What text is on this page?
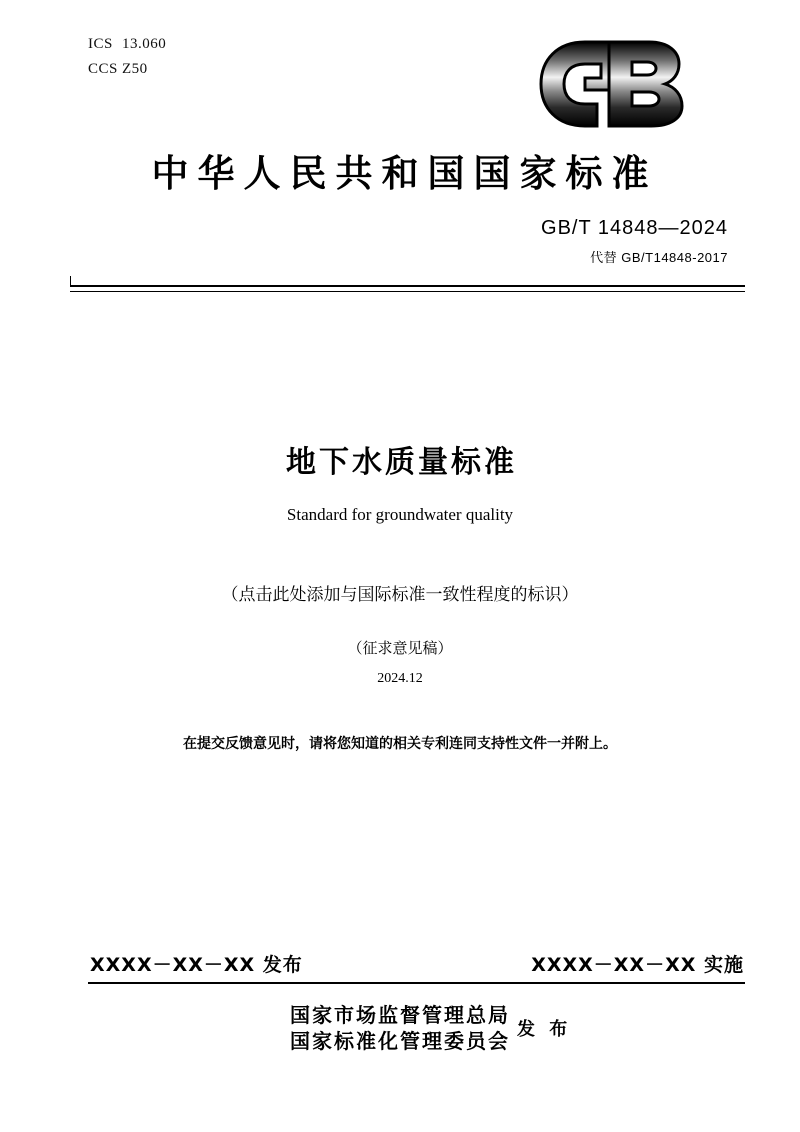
ICS 13.060
CCS Z50
中华人民共和国国家标准
GB/T 14848—2024
代替 GB/T14848-2017
地下水质量标准
Standard for groundwater quality
（点击此处添加与国际标准一致性程度的标识）
（征求意见稿）
2024.12
在提交反馈意见时，请将您知道的相关专利连同支持性文件一并附上。
XXXX－XX－XX 发布	XXXX－XX－XX 实施
国家市场监督管理总局
国家标准化管理委员会 发 布
